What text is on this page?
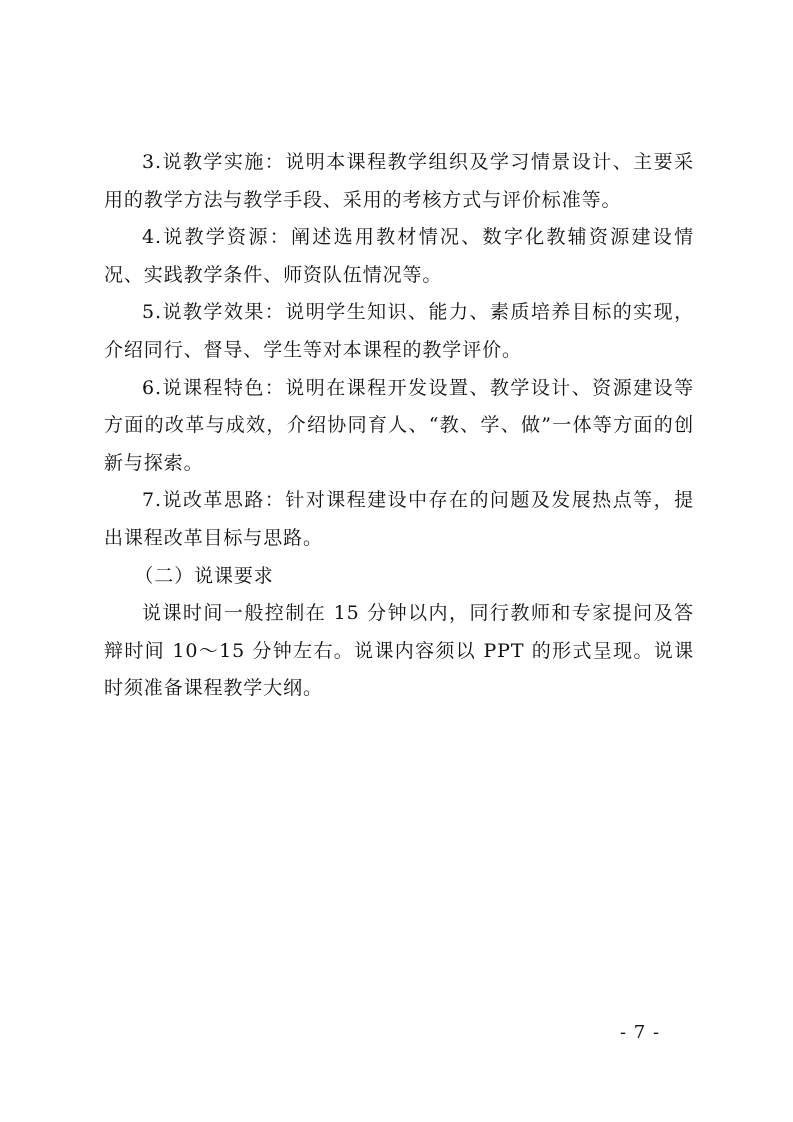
3.说教学实施：说明本课程教学组织及学习情景设计、主要采用的教学方法与教学手段、采用的考核方式与评价标准等。

4.说教学资源：阐述选用教材情况、数字化教辅资源建设情况、实践教学条件、师资队伍情况等。

5.说教学效果：说明学生知识、能力、素质培养目标的实现，介绍同行、督导、学生等对本课程的教学评价。

6.说课程特色：说明在课程开发设置、教学设计、资源建设等方面的改革与成效，介绍协同育人、“教、学、做”一体等方面的创新与探索。

7.说改革思路：针对课程建设中存在的问题及发展热点等，提出课程改革目标与思路。

（二）说课要求

说课时间一般控制在 15 分钟以内，同行教师和专家提问及答辩时间 10～15 分钟左右。说课内容须以 PPT 的形式呈现。说课时须准备课程教学大纲。

- 7 -
